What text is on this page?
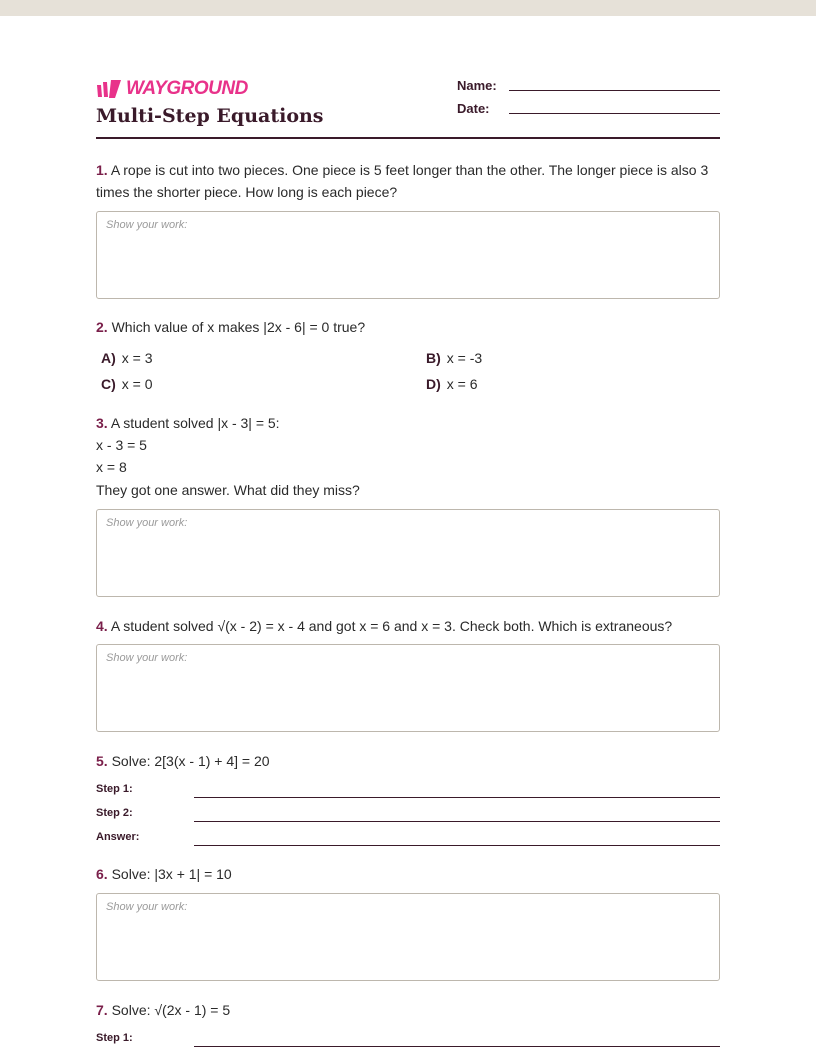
WAYGROUND
Multi-Step Equations
Name:
Date:
1. A rope is cut into two pieces. One piece is 5 feet longer than the other. The longer piece is also 3 times the shorter piece. How long is each piece?
Show your work:
2. Which value of x makes |2x - 6| = 0 true?
A) x = 3	B) x = -3
C) x = 0	D) x = 6
3. A student solved |x - 3| = 5:
x - 3 = 5
x = 8
They got one answer. What did they miss?
Show your work:
4. A student solved √(x - 2) = x - 4 and got x = 6 and x = 3. Check both. Which is extraneous?
Show your work:
5. Solve: 2[3(x - 1) + 4] = 20
Step 1:
Step 2:
Answer:
6. Solve: |3x + 1| = 10
Show your work:
7. Solve: √(2x - 1) = 5
Step 1:
